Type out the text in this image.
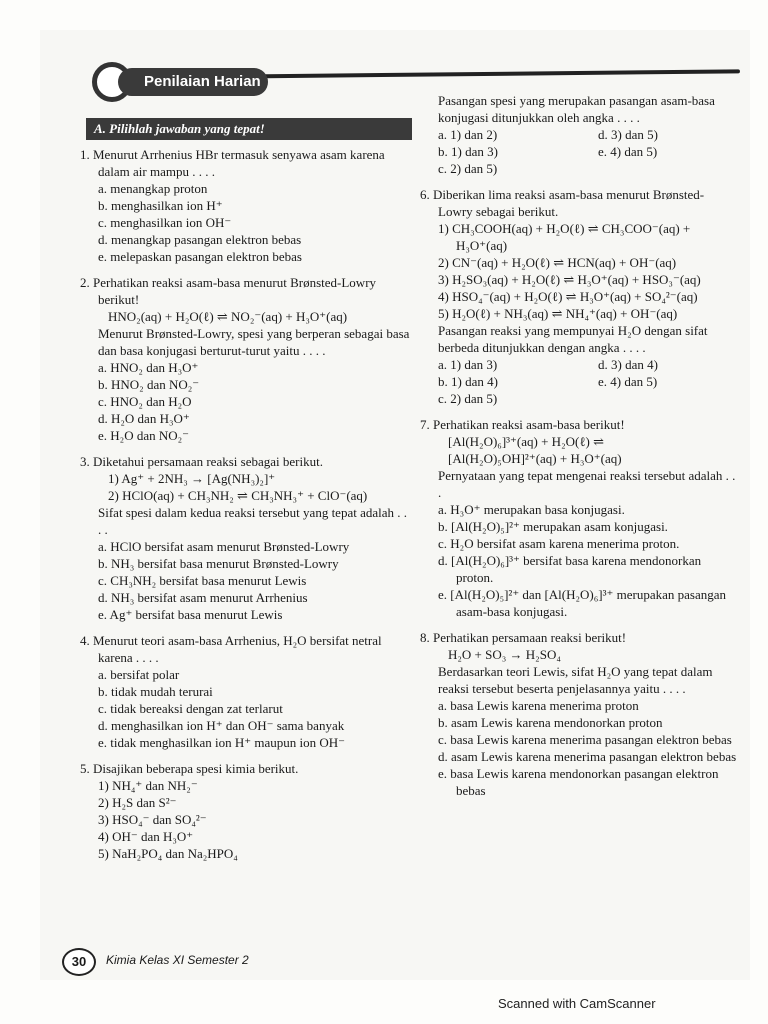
Penilaian Harian
A. Pilihlah jawaban yang tepat!
1. Menurut Arrhenius HBr termasuk senyawa asam karena dalam air mampu . . . .
a. menangkap proton
b. menghasilkan ion H⁺
c. menghasilkan ion OH⁻
d. menangkap pasangan elektron bebas
e. melepaskan pasangan elektron bebas
2. Perhatikan reaksi asam-basa menurut Brønsted-Lowry berikut!
HNO₂(aq) + H₂O(ℓ) ⇌ NO₂⁻(aq) + H₃O⁺(aq)
Menurut Brønsted-Lowry, spesi yang berperan sebagai basa dan basa konjugasi berturut-turut yaitu . . . .
a. HNO₂ dan H₃O⁺
b. HNO₂ dan NO₂⁻
c. HNO₂ dan H₂O
d. H₂O dan H₃O⁺
e. H₂O dan NO₂⁻
3. Diketahui persamaan reaksi sebagai berikut.
1) Ag⁺ + 2NH₃ → [Ag(NH₃)₂]⁺
2) HClO(aq) + CH₃NH₂ ⇌ CH₃NH₃⁺ + ClO⁻(aq)
Sifat spesi dalam kedua reaksi tersebut yang tepat adalah . . . .
a. HClO bersifat asam menurut Brønsted-Lowry
b. NH₃ bersifat basa menurut Brønsted-Lowry
c. CH₃NH₂ bersifat basa menurut Lewis
d. NH₃ bersifat asam menurut Arrhenius
e. Ag⁺ bersifat basa menurut Lewis
4. Menurut teori asam-basa Arrhenius, H₂O bersifat netral karena . . . .
a. bersifat polar
b. tidak mudah terurai
c. tidak bereaksi dengan zat terlarut
d. menghasilkan ion H⁺ dan OH⁻ sama banyak
e. tidak menghasilkan ion H⁺ maupun ion OH⁻
5. Disajikan beberapa spesi kimia berikut.
1) NH₄⁺ dan NH₂⁻
2) H₂S dan S²⁻
3) HSO₄⁻ dan SO₄²⁻
4) OH⁻ dan H₃O⁺
5) NaH₂PO₄ dan Na₂HPO₄
Pasangan spesi yang merupakan pasangan asam-basa konjugasi ditunjukkan oleh angka . . . .
a. 1) dan 2)	d. 3) dan 5)
b. 1) dan 3)	e. 4) dan 5)
c. 2) dan 5)
6. Diberikan lima reaksi asam-basa menurut Brønsted-Lowry sebagai berikut.
1) CH₃COOH(aq) + H₂O(ℓ) ⇌ CH₃COO⁻(aq) + H₃O⁺(aq)
2) CN⁻(aq) + H₂O(ℓ) ⇌ HCN(aq) + OH⁻(aq)
3) H₂SO₃(aq) + H₂O(ℓ) ⇌ H₃O⁺(aq) + HSO₃⁻(aq)
4) HSO₄⁻(aq) + H₂O(ℓ) ⇌ H₃O⁺(aq) + SO₄²⁻(aq)
5) H₂O(ℓ) + NH₃(aq) ⇌ NH₄⁺(aq) + OH⁻(aq)
Pasangan reaksi yang mempunyai H₂O dengan sifat berbeda ditunjukkan dengan angka . . . .
a. 1) dan 3)	d. 3) dan 4)
b. 1) dan 4)	e. 4) dan 5)
c. 2) dan 5)
7. Perhatikan reaksi asam-basa berikut!
[Al(H₂O)₆]³⁺(aq) + H₂O(ℓ) ⇌
[Al(H₂O)₅OH]²⁺(aq) + H₃O⁺(aq)
Pernyataan yang tepat mengenai reaksi tersebut adalah . . .
a. H₃O⁺ merupakan basa konjugasi.
b. [Al(H₂O)₅]²⁺ merupakan asam konjugasi.
c. H₂O bersifat asam karena menerima proton.
d. [Al(H₂O)₆]³⁺ bersifat basa karena mendonorkan proton.
e. [Al(H₂O)₅]²⁺ dan [Al(H₂O)₆]³⁺ merupakan pasangan asam-basa konjugasi.
8. Perhatikan persamaan reaksi berikut!
H₂O + SO₃ → H₂SO₄
Berdasarkan teori Lewis, sifat H₂O yang tepat dalam reaksi tersebut beserta penjelasannya yaitu . . . .
a. basa Lewis karena menerima proton
b. asam Lewis karena mendonorkan proton
c. basa Lewis karena menerima pasangan elektron bebas
d. asam Lewis karena menerima pasangan elektron bebas
e. basa Lewis karena mendonorkan pasangan elektron bebas
30	Kimia Kelas XI Semester 2
Scanned with CamScanner
